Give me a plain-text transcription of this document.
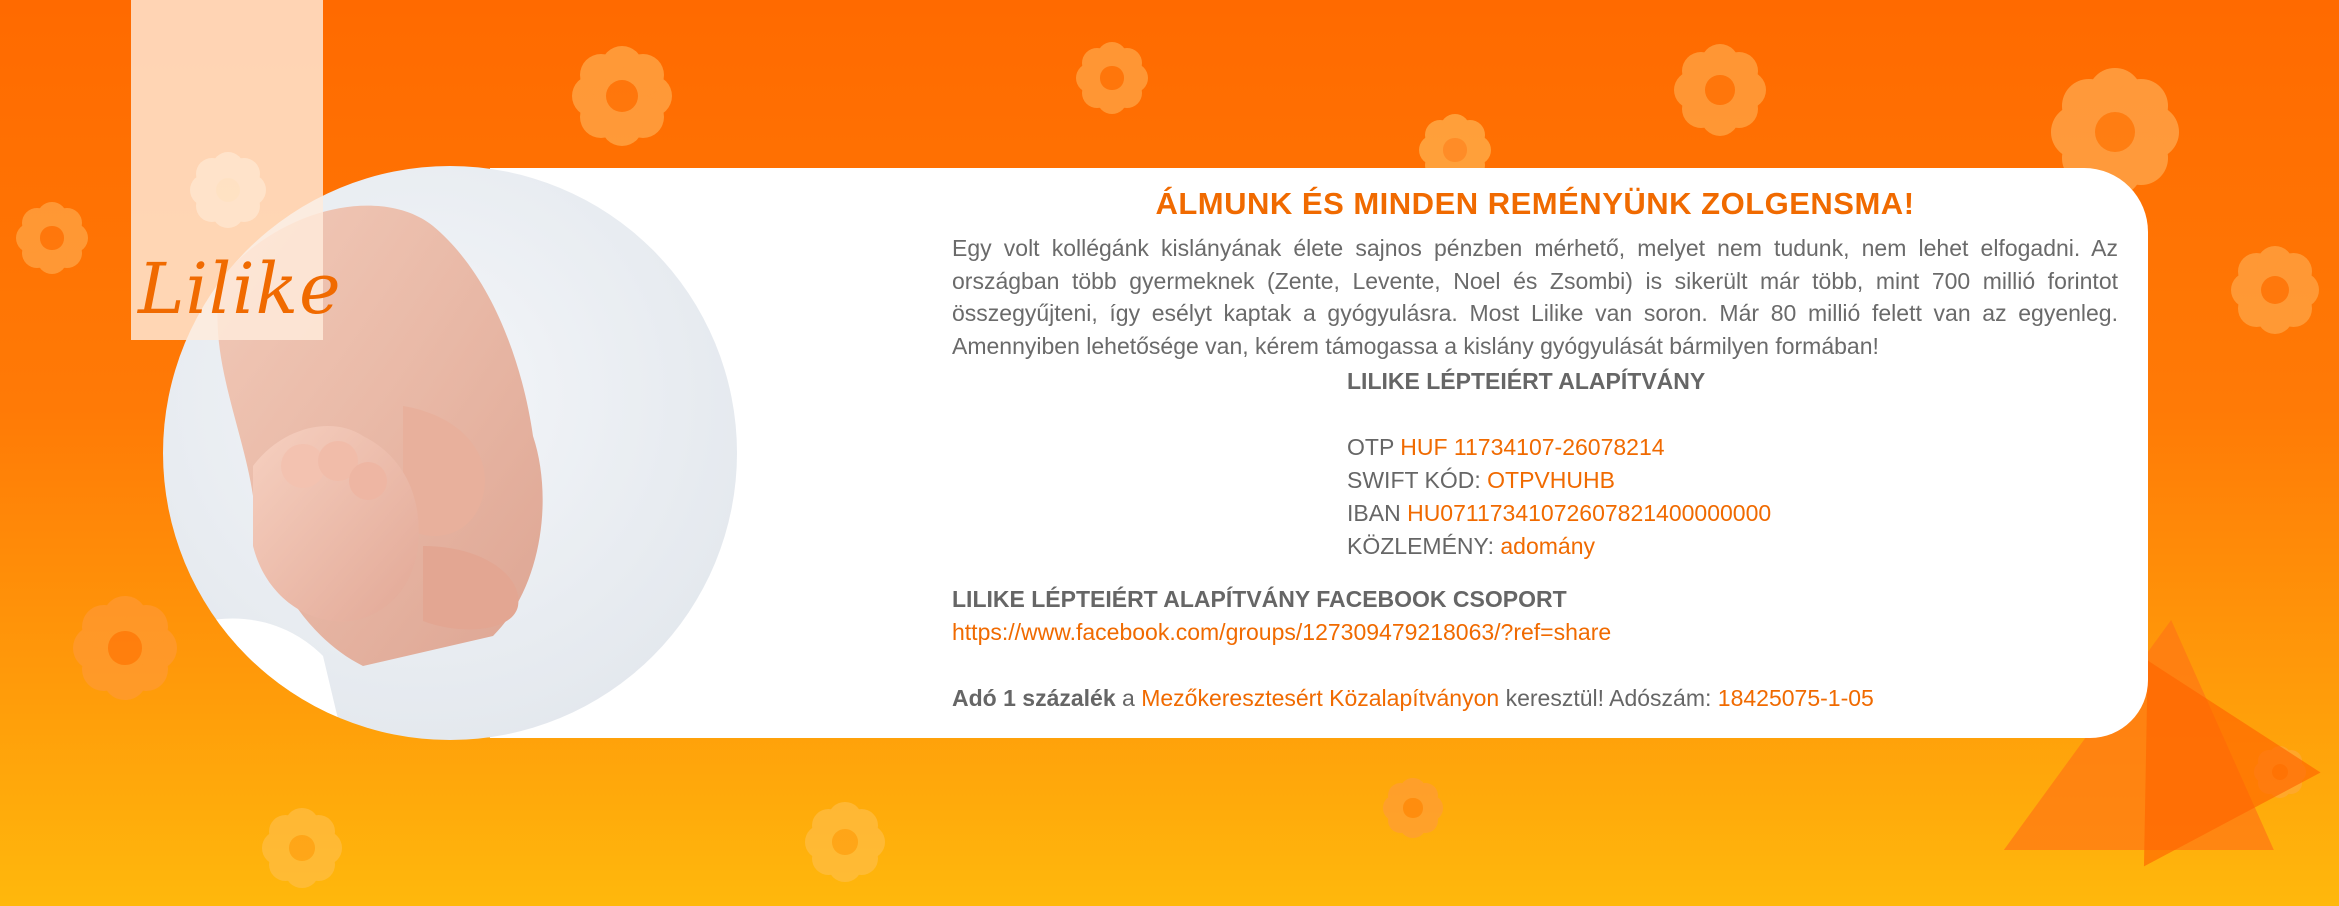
Lilike
ÁLMUNK ÉS MINDEN REMÉNYÜNK ZOLGENSMA!

Egy volt kollégánk kislányának élete sajnos pénzben mérhető, melyet nem tudunk, nem lehet elfogadni. Az országban több gyermeknek (Zente, Levente, Noel és Zsombi) is sikerült már több, mint 700 millió forintot összegyűjteni, így esélyt kaptak a gyógyulásra. Most Lilike van soron. Már 80 millió felett van az egyenleg. Amennyiben lehetősége van, kérem támogassa a kislány gyógyulását bármilyen formában!

LILIKE LÉPTEIÉRT ALAPÍTVÁNY
OTP HUF 11734107-26078214
SWIFT KÓD: OTPVHUHB
IBAN HU07117341072607821400000000
KÖZLEMÉNY: adomány
LILIKE LÉPTEIÉRT ALAPÍTVÁNY FACEBOOK CSOPORT
https://www.facebook.com/groups/127309479218063/?ref=share
Adó 1 százalék a Mezőkeresztesért Közalapítványon keresztül! Adószám: 18425075-1-05
